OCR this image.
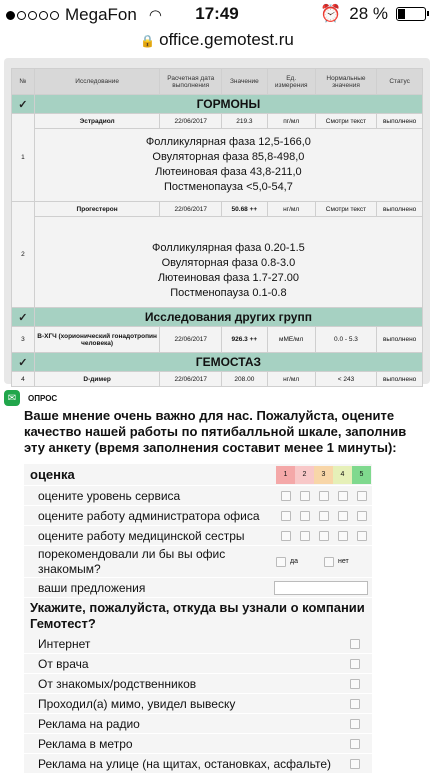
MegaFon ◠	17:49	⏰ 28 %
🔒 office.gemotest.ru
№	Исследование	Расчетная дата выполнения	Значение	Ед. измерения	Нормальные значения	Статус
✓	ГОРМОНЫ					
1	Эстрадиол	22/06/2017	219.3	пг/мл	Смотри текст	выполнено

	Фолликулярная фаза 12,5-166,0
Овуляторная фаза 85,8-498,0
Лютеиновая фаза 43,8-211,0
Постменопауза <5,0-54,7					

2	Прогестерон	22/06/2017	50.68 ++	нг/мл	Смотри текст	выполнено

	Фолликулярная фаза 0.20-1.5
Овуляторная фаза 0.8-3.0
Лютеиновая фаза 1.7-27.00
Постменопауза 0.1-0.8					

✓	Исследования других групп					
3	В-ХГЧ (хорионический гонадотропин человека)	22/06/2017	926.3 ++	мМЕ/мл	0.0 - 5.3	выполнено
✓	ГЕМОСТАЗ					
4	D-димер	22/06/2017	208.00	нг/мл	< 243	выполнено
✉	ОПРОС
Ваше мнение очень важно для нас. Пожалуйста, оцените качество нашей работы по пятибалльной шкале, заполнив эту анкету (время заполнения составит менее 1 минуты):
оценка	1	2	3	4	5
оцените уровень сервиса
оцените работу администратора офиса
оцените работу медицинской сестры
порекомендовали ли бы вы офис знакомым?	да	нет
ваши предложения
Укажите, пожалуйста, откуда вы узнали о компании Гемотест?
Интернет
От врача
От знакомых/родственников
Проходил(а) мимо, увидел вывеску
Реклама на радио
Реклама в метро
Реклама на улице (на щитах, остановках, асфальте)
